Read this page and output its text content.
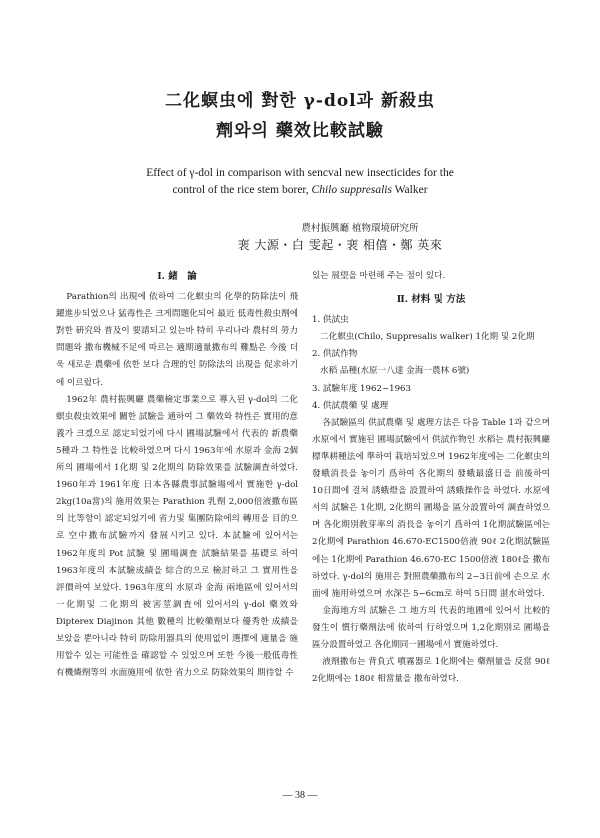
二化螟虫에 對한 γ-dol과 新殺虫
劑와의 藥效比較試驗
Effect of γ-dol in comparison with sencval new insecticides for the
control of the rice stem borer, Chilo suppresalis Walker
農村振興廳 植物環境研究所
裵 大源・白 雯起・裵 相僖・鄭 英來
I. 緒　論

Parathion의 出現에 依하여 二化螟虫의 化學的防除法이 飛躍進步되었으나 猛毒性은 크게問題化되어 最近 低毒性殺虫劑에 對한 硏究와 普及이 要請되고 있는바 特히 우리나라 農村의 勞力問題와 撒布機械不足에 따르는 適期適量撒布의 難點은 今後 더욱 새로운 農藥에 依한 보다 合理的인 防除法의 出現을 促求하기에 이르렀다.

1962年 農村振興廳 農藥檢定事業으로 導入된 γ-dol의 二化螟虫殺虫效果에 關한 試驗을 通하여 그 藥效와 特性은 實用的意義가 크겠으로 認定되었기에 다시 圃場試驗에서 代表的 新農藥 5種과 그 特性을 比較하였으며 다시 1963年에 水原과 金海 2個所의 圃場에서 1化期 및 2化期의 防除效果를 試驗調査하였다. 1960年과 1961年度 日本各縣農事試驗場에서 實施한 γ-dol 2kg(10a當)의 施用效果는 Parathion 乳劑 2,000倍液撒布區의 比等함이 認定되었기에 省力및 集團防除에의 轉用을 目的으로 空中撒布試驗까지 發展시키고 있다. 本試驗에 있어서는 1962年度의 Pot 試驗 및 圃場調査 試驗結果를 基礎로 하여 1963年度의 本試驗成績을 綜合的으로 檢討하고 그 實用性을 評價하여 보았다. 1963年度의 水原과 金海 兩地區에 있어서의 一化期및 二化期의 被害莖調査에 있어서의 γ-dol 藥效와 Dipterex Diajinon 其他 數種의 比較藥劑보다 優秀한 成績을 보았을 뿐아니라 特히 防除用器具의 使用없이 選擇에 適量을 施用할수 있는 可能性을 確認할 수 있었으며 또한 今後一般低毒性 有機燐劑等의 水面施用에 依한 省力으로 防除效果의 期待할 수

있는 展望을 마련해 주는 점이 있다.

Ⅱ. 材料 및 方法
1. 供試虫
二化螟虫(Chilo, Suppresalis walker) 1化期 및 2化期
2. 供試作物
水稻 品種(水原一八達 金海一農林 6號)
3. 試驗年度 1962~1963
4. 供試農藥 및 處理

各試驗區의 供試農藥 및 處理方法은 다음 Table 1과 같으며 水原에서 實施된 圃場試驗에서 供試作物인 水稻는 農村振興廳標準耕種法에 準하여 栽培되었으며 1962年度에는 二化螟虫의 發蛾消長을 놓이기 爲하여 各化期의 發蛾最盛日을 前後하여 10日間에 걸쳐 誘蛾燈을 設置하여 誘蛾操作을 하였다. 水原에서의 試驗은 1化期, 2化期의 圃場을 區分設置하여 調査하였으며 各化期別敎芽率의 消長을 놓이기 爲하여 1化期試驗區에는 2化期에 Parathion 46.670-EC1500倍液 90ℓ 2化期試驗區에는 1化期에 Parathion 46.670-EC 1500倍液 180ℓ을 撒布하였다. γ-dol의 施用은 對照農藥撒布의 2~3日前에 손으로 水面에 施用하였으며 水深은 5~6cm로 하여 5日間 湛水하였다.

金海地方의 試驗은 그 地方의 代表的地圃에 있어서 比較的發生이 慣行藥劑法에 依하여 行하였으며 1,2化期別로 圃場을 區分設置하였고 各化期同一圃場에서 實施하였다.

液劑撒布는 背負式 噴霧器로 1化期에는 藥劑量을 反當 90ℓ 2化期에는 180ℓ 相當量을 撒布하였다.

— 38 —
